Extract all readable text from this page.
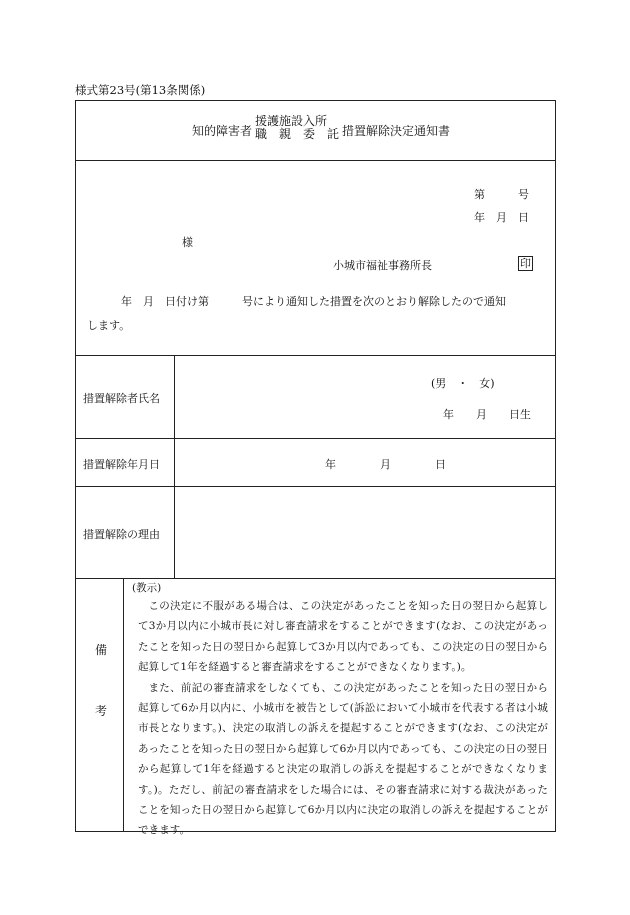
様式第23号(第13条関係)
知的障害者
援護施設入所
職　親　委　託 措置解除決定通知書
第　　　号
年　月　日
様
小城市福祉事務所長	印
年　月　日付け第　　　号により通知した措置を次のとおり解除したので通知
します。
措置解除者氏名
(男　・　女)
年　　月　　日生
措置解除年月日	年　　　　月　　　　日
措置解除の理由
備
考
(教示)

この決定に不服がある場合は、この決定があったことを知った日の翌日から起算して3か月以内に小城市長に対し審査請求をすることができます(なお、この決定があったことを知った日の翌日から起算して3か月以内であっても、この決定の日の翌日から起算して1年を経過すると審査請求をすることができなくなります。)。

また、前記の審査請求をしなくても、この決定があったことを知った日の翌日から起算して6か月以内に、小城市を被告として(訴訟において小城市を代表する者は小城市長となります。)、決定の取消しの訴えを提起することができます(なお、この決定があったことを知った日の翌日から起算して6か月以内であっても、この決定の日の翌日から起算して1年を経過すると決定の取消しの訴えを提起することができなくなります。)。ただし、前記の審査請求をした場合には、その審査請求に対する裁決があったことを知った日の翌日から起算して6か月以内に決定の取消しの訴えを提起することができます。
